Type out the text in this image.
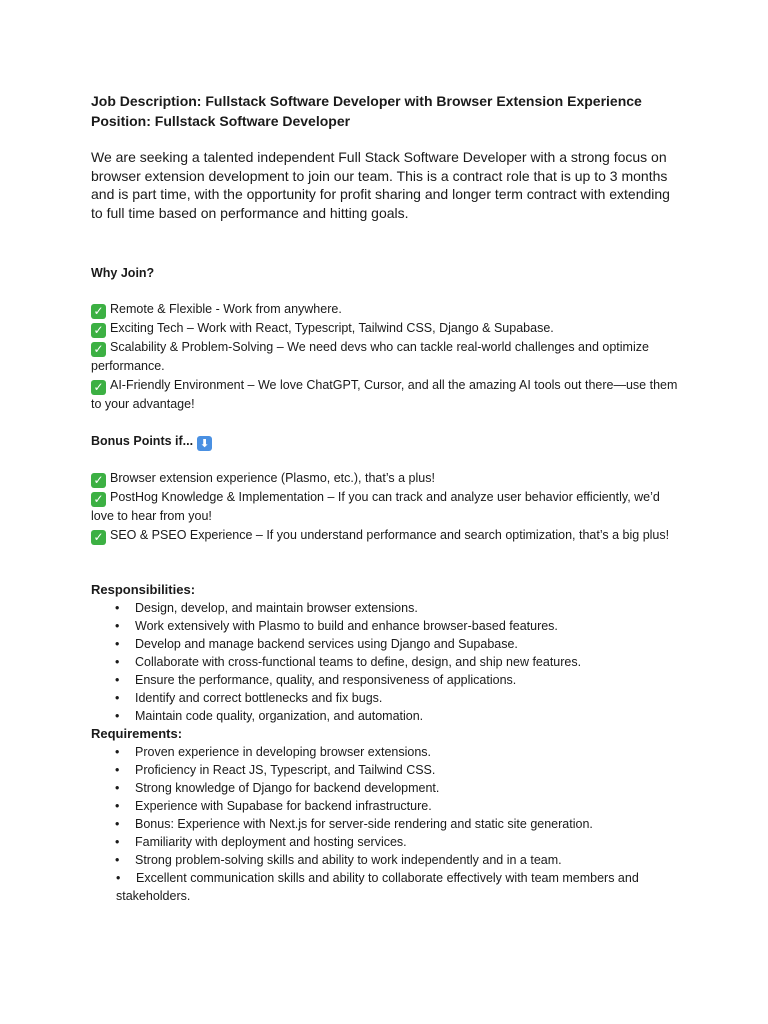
Job Description: Fullstack Software Developer with Browser Extension Experience
Position: Fullstack Software Developer

We are seeking a talented independent Full Stack Software Developer with a strong focus on browser extension development to join our team. This is a contract role that is up to 3 months and is part time, with the opportunity for profit sharing and longer term contract with extending to full time based on performance and hitting goals.

Why Join?
✓ Remote & Flexible - Work from anywhere.
✓ Exciting Tech – Work with React, Typescript, Tailwind CSS, Django & Supabase.
✓ Scalability & Problem-Solving – We need devs who can tackle real-world challenges and optimize performance.
✓ AI-Friendly Environment – We love ChatGPT, Cursor, and all the amazing AI tools out there—use them to your advantage!
Bonus Points if... ⬇
✓ Browser extension experience (Plasmo, etc.), that’s a plus!
✓ PostHog Knowledge & Implementation – If you can track and analyze user behavior efficiently, we’d love to hear from you!
✓ SEO & PSEO Experience – If you understand performance and search optimization, that’s a big plus!
Responsibilities:
• Design, develop, and maintain browser extensions.
• Work extensively with Plasmo to build and enhance browser-based features.
• Develop and manage backend services using Django and Supabase.
• Collaborate with cross-functional teams to define, design, and ship new features.
• Ensure the performance, quality, and responsiveness of applications.
• Identify and correct bottlenecks and fix bugs.
• Maintain code quality, organization, and automation.
Requirements:
• Proven experience in developing browser extensions.
• Proficiency in React JS, Typescript, and Tailwind CSS.
• Strong knowledge of Django for backend development.
• Experience with Supabase for backend infrastructure.
• Bonus: Experience with Next.js for server-side rendering and static site generation.
• Familiarity with deployment and hosting services.
• Strong problem-solving skills and ability to work independently and in a team.
• Excellent communication skills and ability to collaborate effectively with team members and stakeholders.
